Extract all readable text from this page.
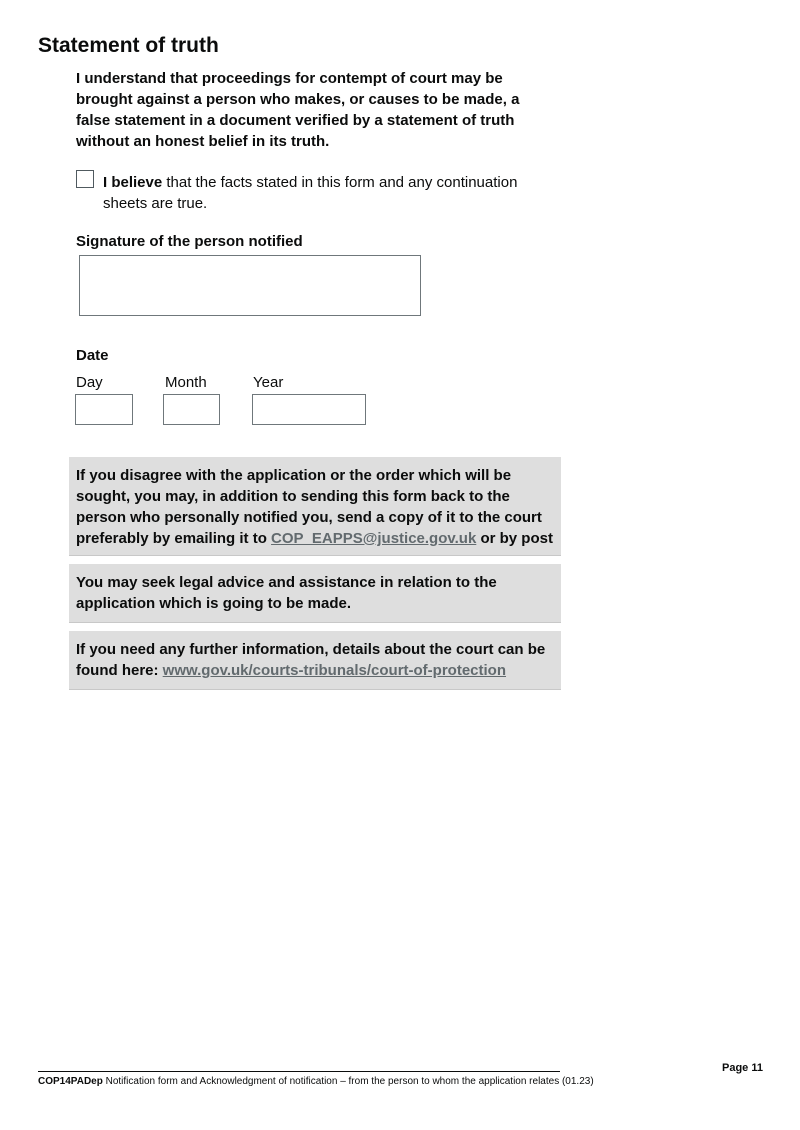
Statement of truth

I understand that proceedings for contempt of court may be brought against a person who makes, or causes to be made, a false statement in a document verified by a statement of truth without an honest belief in its truth.

I believe that the facts stated in this form and any continuation sheets are true.

Signature of the person notified

Date

Day	Month	Year

If you disagree with the application or the order which will be sought, you may, in addition to sending this form back to the person who personally notified you, send a copy of it to the court preferably by emailing it to COP_EAPPS@justice.gov.uk or by post

You may seek legal advice and assistance in relation to the application which is going to be made.

If you need any further information, details about the court can be found here: www.gov.uk/courts-tribunals/court-of-protection

Page 11

COP14PADep Notification form and Acknowledgment of notification – from the person to whom the application relates (01.23)
